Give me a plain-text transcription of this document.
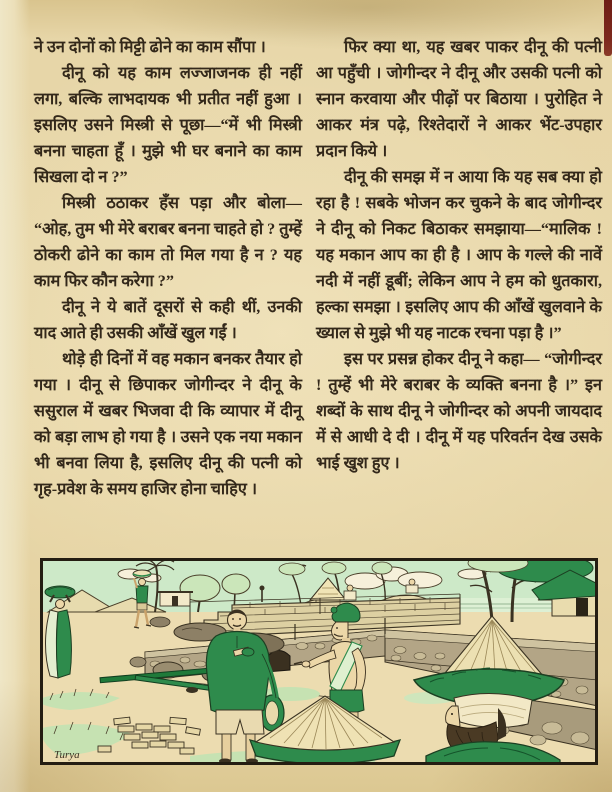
ने उन दोनों को मिट्टी ढोने का काम सौंपा ।

दीनू को यह काम लज्जाजनक ही नहीं लगा, बल्कि लाभदायक भी प्रतीत नहीं हुआ । इसलिए उसने मिस्त्री से पूछा—“में भी मिस्त्री बनना चाहता हूँ । मुझे भी घर बनाने का काम सिखला दो न ?”

मिस्त्री ठठाकर हँस पड़ा और बोला— “ओह, तुम भी मेरे बराबर बनना चाहते हो ? तुम्हें ठोकरी ढोने का काम तो मिल गया है न ? यह काम फिर कौन करेगा ?”

दीनू ने ये बातें दूसरों से कही थीं, उनकी याद आते ही उसकी आँखें खुल गईं ।

थोड़े ही दिनों में वह मकान बनकर तैयार हो गया । दीनू से छिपाकर जोगीन्दर ने दीनू के ससुराल में खबर भिजवा दी कि व्यापार में दीनू को बड़ा लाभ हो गया है । उसने एक नया मकान भी बनवा लिया है, इसलिए दीनू की पत्नी को गृह-प्रवेश के समय हाजिर होना चाहिए ।

फिर क्या था, यह खबर पाकर दीनू की पत्नी आ पहुँची । जोगीन्दर ने दीनू और उसकी पत्नी को स्नान करवाया और पीढ़ों पर बिठाया । पुरोहित ने आकर मंत्र पढ़े, रिश्तेदारों ने आकर भेंट-उपहार प्रदान किये ।

दीनू की समझ में न आया कि यह सब क्या हो रहा है ! सबके भोजन कर चुकने के बाद जोगीन्दर ने दीनू को निकट बिठाकर समझाया—“मालिक ! यह मकान आप का ही है । आप के गल्ले की नावें नदी में नहीं डूबीं; लेकिन आप ने हम को धुतकारा, हल्का समझा । इसलिए आप की आँखें खुलवाने के ख्याल से मुझे भी यह नाटक रचना पड़ा है ।”

इस पर प्रसन्न होकर दीनू ने कहा— “जोगीन्दर ! तुम्हें भी मेरे बराबर के व्यक्ति बनना है ।” इन शब्दों के साथ दीनू ने जोगीन्दर को अपनी जायदाद में से आधी दे दी । दीनू में यह परिवर्तन देख उसके भाई खुश हुए ।

Turya
